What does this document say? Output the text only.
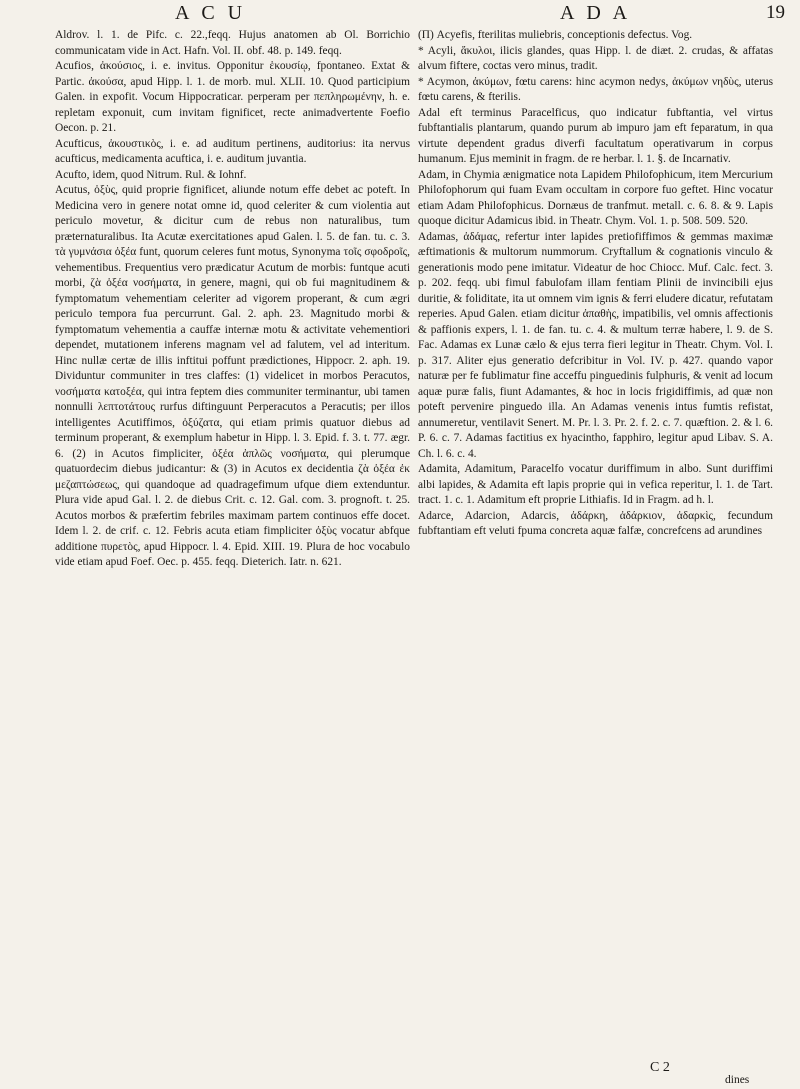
A C U	A D A	19

Aldrov. l. 1. de Pifc. c. 22.,feqq. Hujus anatomen ab Ol. Borrichio communicatam vide in Act. Hafn. Vol. II. obf. 48. p. 149. feqq.

Acufios, ἀκούσιος, i. e. invitus. Opponitur ἑκουσίῳ, fpontaneo. Extat & Partic. ἀκούσα, apud Hipp. l. 1. de morb. mul. XLII. 10. Quod participium Galen. in expofit. Vocum Hippocraticar. perperam per πεπληρωμένην, h. e. repletam exponuit, cum invitam fignificet, recte animadvertente Foefio Oecon. p. 21.

Acufticus, ἀκουστικὸς, i. e. ad auditum pertinens, auditorius: ita nervus acufticus, medicamenta acuftica, i. e. auditum juvantia.

Acufto, idem, quod Nitrum. Rul. & Iohnf.

Acutus, ὀξὺς, quid proprie fignificet, aliunde notum effe debet ac poteft. In Medicina vero in genere notat omne id, quod celeriter & cum violentia aut periculo movetur, & dicitur cum de rebus non naturalibus, tum præternaturalibus. Ita Acutæ exercitationes apud Galen. l. 5. de fan. tu. c. 3. τὰ γυμνάσια ὀξέα funt, quorum celeres funt motus, Synonyma τοῖς σφοδροῖς, vehementibus. Frequentius vero prædicatur Acutum de morbis: funtque acuti morbi, ζὰ ὀξέα νοσήματα, in genere, magni, qui ob fui magnitudinem & fymptomatum vehementiam celeriter ad vigorem properant, & cum ægri periculo tempora fua percurrunt. Gal. 2. aph. 23. Magnitudo morbi & fymptomatum vehementia a cauffæ internæ motu & activitate vehementiori dependet, mutationem inferens magnam vel ad falutem, vel ad interitum. Hinc nullæ certæ de illis inftitui poffunt prædictiones, Hippocr. 2. aph. 19. Dividuntur communiter in tres claffes: (1) videlicet in morbos Peracutos, νοσήματα κατοξέα, qui intra feptem dies communiter terminantur, ubi tamen nonnulli λεπτοτάτους rurfus diftinguunt Perperacutos a Peracutis; per illos intelligentes Acutiffimos, ὀξύζατα, qui etiam primis quatuor diebus ad terminum properant, & exemplum habetur in Hipp. l. 3. Epid. f. 3. t. 77. ægr. 6. (2) in Acutos fimpliciter, ὀξέα ἁπλῶς νοσήματα, qui plerumque quatuordecim diebus judicantur: & (3) in Acutos ex decidentia ζὰ ὀξέα ἐκ μεζαπτώσεως, qui quandoque ad quadragefimum ufque diem extenduntur. Plura vide apud Gal. l. 2. de diebus Crit. c. 12. Gal. com. 3. prognoft. t. 25. Acutos morbos & præfertim febriles maximam partem continuos effe docet. Idem l. 2. de crif. c. 12. Febris acuta etiam fimpliciter ὀξὺς vocatur abfque additione πυρετὸς, apud Hippocr. l. 4. Epid. XIII. 19. Plura de hoc vocabulo vide etiam apud Foef. Oec. p. 455. feqq. Dieterich. Iatr. n. 621.

(Π) Acyefis, fterilitas muliebris, conceptionis defectus. Vog.

* Acyli, ἄκυλοι, ilicis glandes, quas Hipp. l. de diæt. 2. crudas, & affatas alvum fiftere, coctas vero minus, tradit.

* Acymon, ἀκύμων, fœtu carens: hinc acymon nedys, ἀκύμων νηδὺς, uterus fœtu carens, & fterilis.

Adal eft terminus Paracelficus, quo indicatur fubftantia, vel virtus fubftantialis plantarum, quando purum ab impuro jam eft feparatum, in qua virtute dependent gradus diverfi facultatum operativarum in corpus humanum. Ejus meminit in fragm. de re herbar. l. 1. §. de Incarnativ.

Adam, in Chymia ænigmatice nota Lapidem Philofophicum, item Mercurium Philofophorum qui fuam Evam occultam in corpore fuo geftet. Hinc vocatur etiam Adam Philofophicus. Dornæus de tranfmut. metall. c. 6. 8. & 9. Lapis quoque dicitur Adamicus ibid. in Theatr. Chym. Vol. 1. p. 508. 509. 520.

Adamas, ἀδάμας, refertur inter lapides pretiofiffimos & gemmas maximæ æftimationis & multorum nummorum. Cryftallum & cognationis vinculo & generationis modo pene imitatur. Videatur de hoc Chiocc. Muf. Calc. fect. 3. p. 202. feqq. ubi fimul fabulofam illam fentiam Plinii de invincibili ejus duritie, & foliditate, ita ut omnem vim ignis & ferri eludere dicatur, refutatam reperies. Apud Galen. etiam dicitur ἀπαθὴς, impatibilis, vel omnis affectionis & paffionis expers, l. 1. de fan. tu. c. 4. & multum terræ habere, l. 9. de S. Fac. Adamas ex Lunæ cælo & ejus terra fieri legitur in Theatr. Chym. Vol. I. p. 317. Aliter ejus generatio defcribitur in Vol. IV. p. 427. quando vapor naturæ per fe fublimatur fine acceffu pinguedinis fulphuris, & venit ad locum aquæ puræ falis, fiunt Adamantes, & hoc in locis frigidiffimis, ad quæ non poteft pervenire pinguedo illa. An Adamas venenis intus fumtis refistat, annumeretur, ventilavit Senert. M. Pr. l. 3. Pr. 2. f. 2. c. 7. quæftion. 2. & l. 6. P. 6. c. 7. Adamas factitius ex hyacintho, fapphiro, legitur apud Libav. S. A. Ch. l. 6. c. 4.

Adamita, Adamitum, Paracelfo vocatur duriffimum in albo. Sunt duriffimi albi lapides, & Adamita eft lapis proprie qui in vefica reperitur, l. 1. de Tart. tract. 1. c. 1. Adamitum eft proprie Lithiafis. Id in Fragm. ad h. l.

Adarce, Adarcion, Adarcis, ἀδάρκη, ἀδάρκιον, ἀδαρκὶς, fecundum fubftantiam eft veluti fpuma concreta aquæ falfæ, concrefcens ad arundines

C 2
dines
